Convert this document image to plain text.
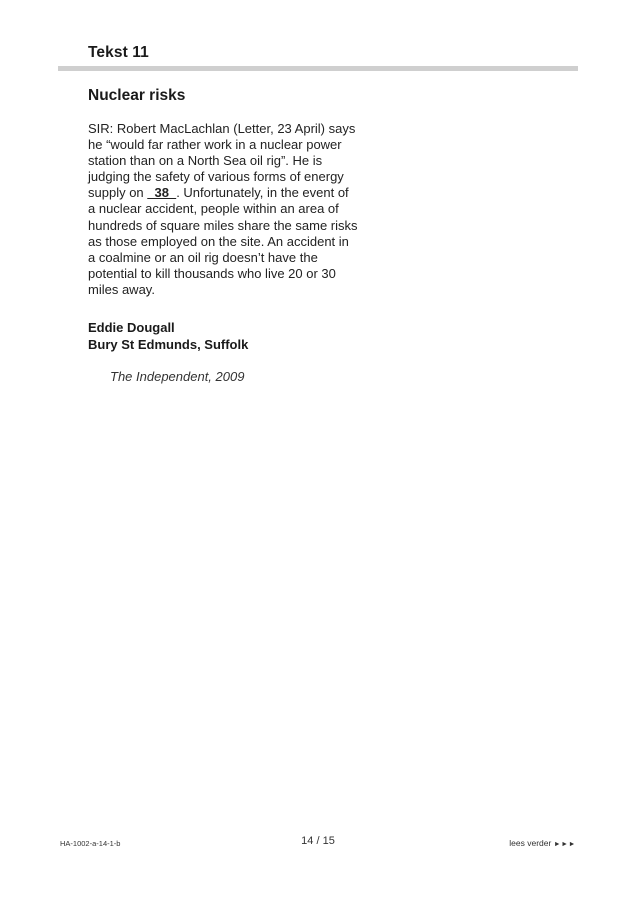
Tekst 11
Nuclear risks

SIR: Robert MacLachlan (Letter, 23 April) says he “would far rather work in a nuclear power station than on a North Sea oil rig”. He is judging the safety of various forms of energy supply on   38  . Unfortunately, in the event of a nuclear accident, people within an area of hundreds of square miles share the same risks as those employed on the site. An accident in a coalmine or an oil rig doesn’t have the potential to kill thousands who live 20 or 30 miles away.

Eddie Dougall
Bury St Edmunds, Suffolk
The Independent, 2009
HA-1002-a-14-1-b	14 / 15	lees verder ►►►
